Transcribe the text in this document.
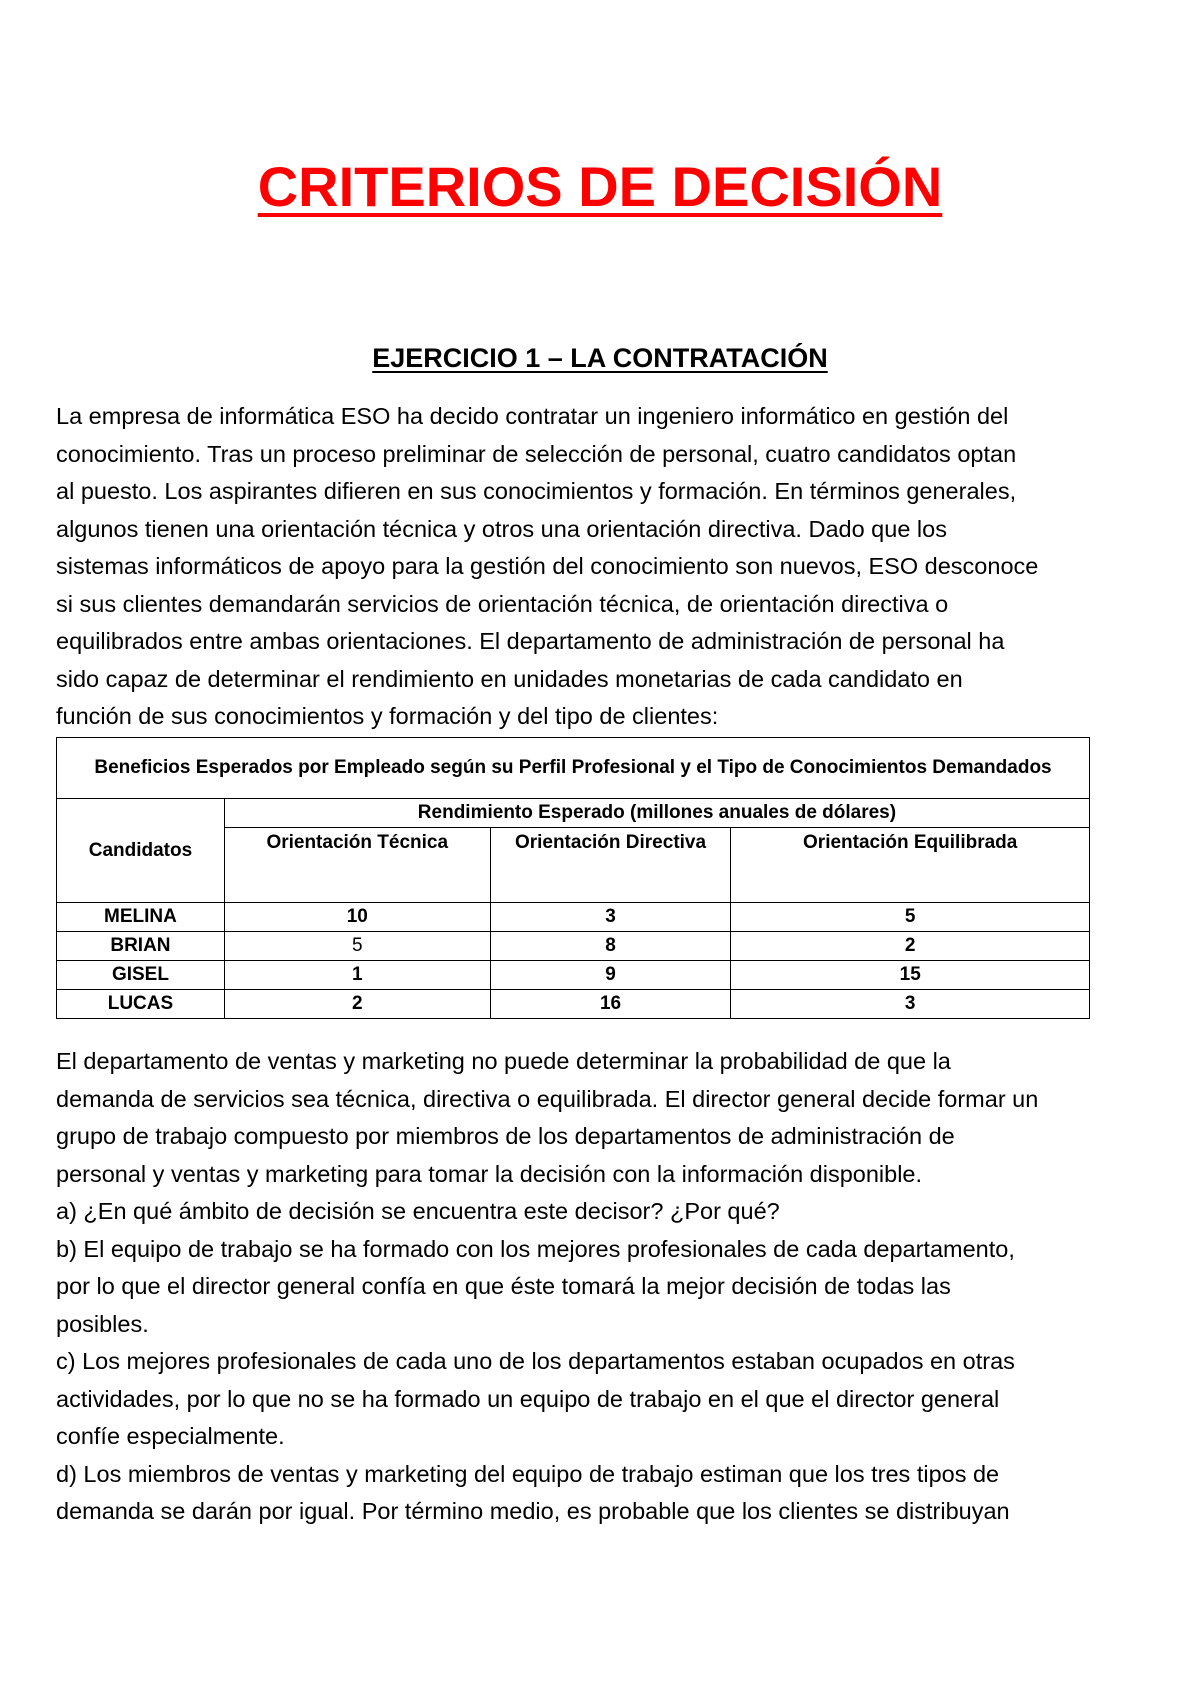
CRITERIOS DE DECISIÓN
EJERCICIO 1 – LA CONTRATACIÓN

La empresa de informática ESO ha decido contratar un ingeniero informático en gestión del
conocimiento. Tras un proceso preliminar de selección de personal, cuatro candidatos optan
al puesto. Los aspirantes difieren en sus conocimientos y formación. En términos generales,
algunos tienen una orientación técnica y otros una orientación directiva. Dado que los
sistemas informáticos de apoyo para la gestión del conocimiento son nuevos, ESO desconoce
si sus clientes demandarán servicios de orientación técnica, de orientación directiva o
equilibrados entre ambas orientaciones. El departamento de administración de personal ha
sido capaz de determinar el rendimiento en unidades monetarias de cada candidato en
función de sus conocimientos y formación y del tipo de clientes:

Beneficios Esperados por Empleado según su Perfil Profesional y el Tipo de Conocimientos Demandados			
Candidatos	Rendimiento Esperado (millones anuales de dólares)		
	Orientación Técnica	Orientación Directiva	Orientación Equilibrada
MELINA	10	3	5
BRIAN	5	8	2
GISEL	1	9	15
LUCAS	2	16	3

El departamento de ventas y marketing no puede determinar la probabilidad de que la
demanda de servicios sea técnica, directiva o equilibrada. El director general decide formar un
grupo de trabajo compuesto por miembros de los departamentos de administración de
personal y ventas y marketing para tomar la decisión con la información disponible.
a) ¿En qué ámbito de decisión se encuentra este decisor? ¿Por qué?
b) El equipo de trabajo se ha formado con los mejores profesionales de cada departamento,
por lo que el director general confía en que éste tomará la mejor decisión de todas las
posibles.
c) Los mejores profesionales de cada uno de los departamentos estaban ocupados en otras
actividades, por lo que no se ha formado un equipo de trabajo en el que el director general
confíe especialmente.
d) Los miembros de ventas y marketing del equipo de trabajo estiman que los tres tipos de
demanda se darán por igual. Por término medio, es probable que los clientes se distribuyan
